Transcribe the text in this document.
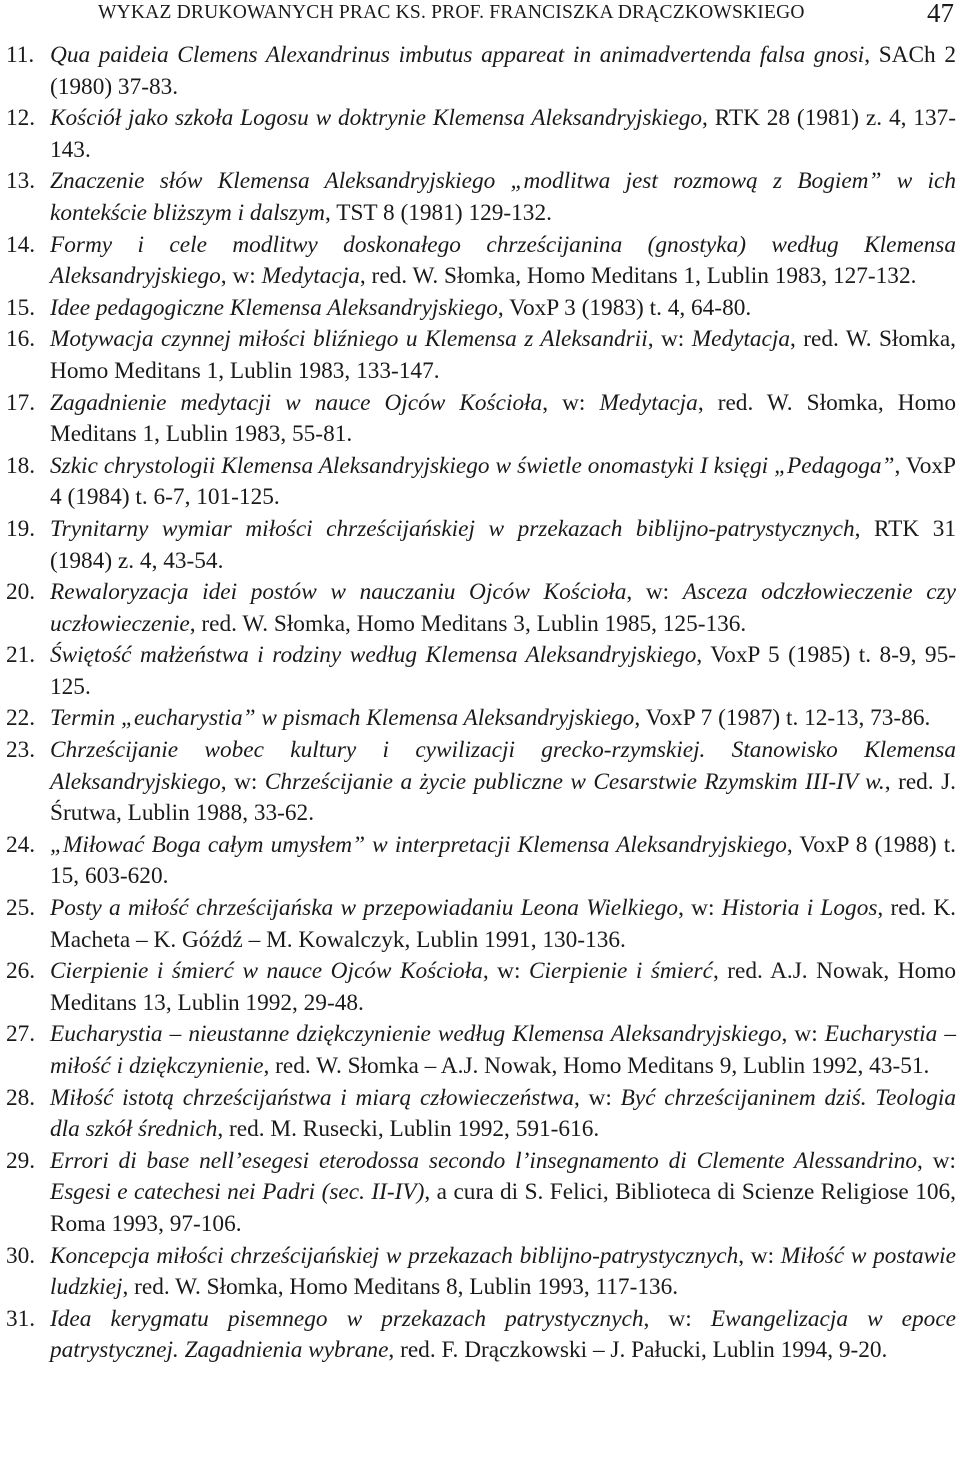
WYKAZ DRUKOWANYCH PRAC KS. PROF. FRANCISZKA DRĄCZKOWSKIEGO	47
11. Qua paideia Clemens Alexandrinus imbutus appareat in animadvertenda falsa gnosi, SACh 2 (1980) 37-83.
12. Kościół jako szkoła Logosu w doktrynie Klemensa Aleksandryjskiego, RTK 28 (1981) z. 4, 137-143.
13. Znaczenie słów Klemensa Aleksandryjskiego „modlitwa jest rozmową z Bogiem” w ich kontekście bliższym i dalszym, TST 8 (1981) 129-132.
14. Formy i cele modlitwy doskonałego chrześcijanina (gnostyka) według Klemensa Aleksandryjskiego, w: Medytacja, red. W. Słomka, Homo Meditans 1, Lublin 1983, 127-132.
15. Idee pedagogiczne Klemensa Aleksandryjskiego, VoxP 3 (1983) t. 4, 64-80.
16. Motywacja czynnej miłości bliźniego u Klemensa z Aleksandrii, w: Medytacja, red. W. Słomka, Homo Meditans 1, Lublin 1983, 133-147.
17. Zagadnienie medytacji w nauce Ojców Kościoła, w: Medytacja, red. W. Słomka, Homo Meditans 1, Lublin 1983, 55-81.
18. Szkic chrystologii Klemensa Aleksandryjskiego w świetle onomastyki I księgi „Pedagoga”, VoxP 4 (1984) t. 6-7, 101-125.
19. Trynitarny wymiar miłości chrześcijańskiej w przekazach biblijno-patrystycznych, RTK 31 (1984) z. 4, 43-54.
20. Rewaloryzacja idei postów w nauczaniu Ojców Kościoła, w: Asceza odczłowieczenie czy uczłowieczenie, red. W. Słomka, Homo Meditans 3, Lublin 1985, 125-136.
21. Świętość małżeństwa i rodziny według Klemensa Aleksandryjskiego, VoxP 5 (1985) t. 8-9, 95-125.
22. Termin „eucharystia” w pismach Klemensa Aleksandryjskiego, VoxP 7 (1987) t. 12-13, 73-86.
23. Chrześcijanie wobec kultury i cywilizacji grecko-rzymskiej. Stanowisko Klemensa Aleksandryjskiego, w: Chrześcijanie a życie publiczne w Cesarstwie Rzymskim III-IV w., red. J. Śrutwa, Lublin 1988, 33-62.
24. „Miłować Boga całym umysłem” w interpretacji Klemensa Aleksandryjskiego, VoxP 8 (1988) t. 15, 603-620.
25. Posty a miłość chrześcijańska w przepowiadaniu Leona Wielkiego, w: Historia i Logos, red. K. Macheta – K. Góźdź – M. Kowalczyk, Lublin 1991, 130-136.
26. Cierpienie i śmierć w nauce Ojców Kościoła, w: Cierpienie i śmierć, red. A.J. Nowak, Homo Meditans 13, Lublin 1992, 29-48.
27. Eucharystia – nieustanne dziękczynienie według Klemensa Aleksandryjskiego, w: Eucharystia – miłość i dziękczynienie, red. W. Słomka – A.J. Nowak, Homo Meditans 9, Lublin 1992, 43-51.
28. Miłość istotą chrześcijaństwa i miarą człowieczeństwa, w: Być chrześcijaninem dziś. Teologia dla szkół średnich, red. M. Rusecki, Lublin 1992, 591-616.
29. Errori di base nell’esegesi eterodossa secondo l’insegnamento di Clemente Alessandrino, w: Esgesi e catechesi nei Padri (sec. II-IV), a cura di S. Felici, Biblioteca di Scienze Religiose 106, Roma 1993, 97-106.
30. Koncepcja miłości chrześcijańskiej w przekazach biblijno-patrystycznych, w: Miłość w postawie ludzkiej, red. W. Słomka, Homo Meditans 8, Lublin 1993, 117-136.
31. Idea kerygmatu pisemnego w przekazach patrystycznych, w: Ewangelizacja w epoce patrystycznej. Zagadnienia wybrane, red. F. Drączkowski – J. Pałucki, Lublin 1994, 9-20.
